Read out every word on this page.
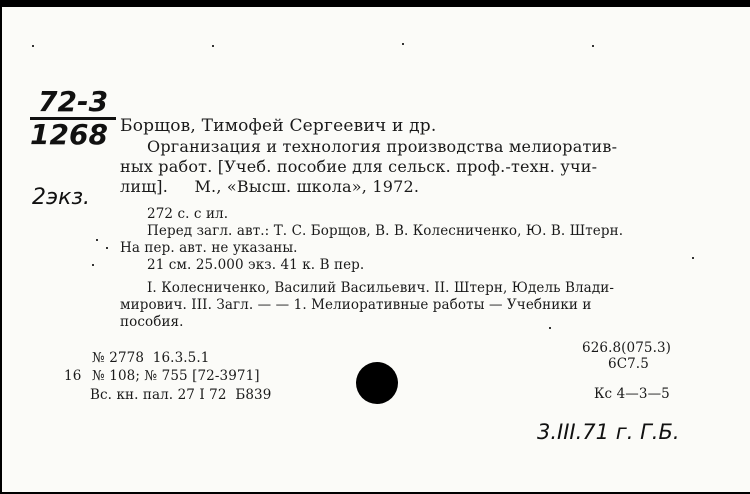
72-3
1268
2экз.
Борщов, Тимофей Сергеевич и др.
Организация и технология производства мелиоратив-
ных работ. [Учеб. пособие для сельск. проф.-техн. учи-
лищ].     М., «Высш. школа», 1972.
272 с. с ил.
Перед загл. авт.: Т. С. Борщов, В. В. Колесниченко, Ю. В. Штерн.
На пер. авт. не указаны.
21 см. 25.000 экз. 41 к. В пер.
I. Колесниченко, Василий Васильевич. II. Штерн, Юдель Влади-
мирович. III. Загл. — — 1. Мелиоративные работы — Учебники и
пособия.
626.8(075.3)
6С7.5
№ 2778  16.3.5.1
16 № 108; № 755 [72-3971]
Вс. кн. пал. 27 I 72  Б839	Кс 4—3—5
3.III.71 г. Г.Б.
